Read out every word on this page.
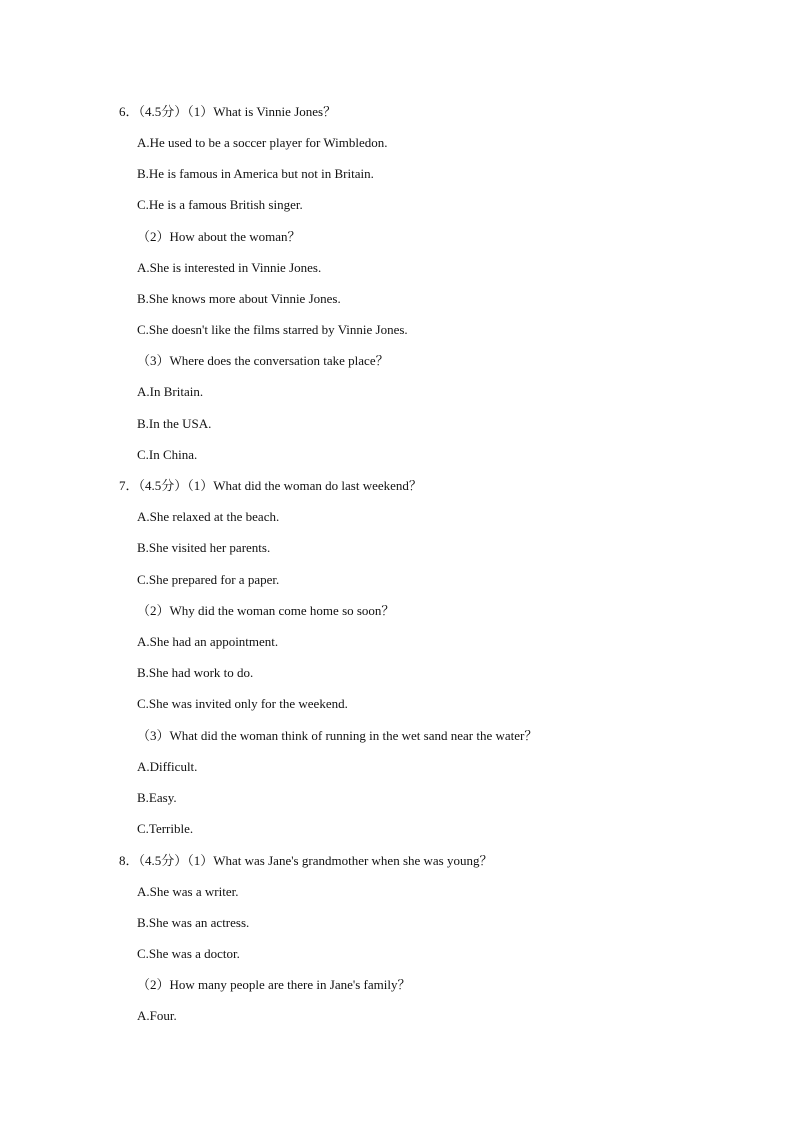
6．（4.5分）（1）What is Vinnie Jones？
A.He used to be a soccer player for Wimbledon.
B.He is famous in America but not in Britain.
C.He is a famous British singer.
（2）How about the woman？
A.She is interested in Vinnie Jones.
B.She knows more about Vinnie Jones.
C.She doesn't like the films starred by Vinnie Jones.
（3）Where does the conversation take place？
A.In Britain.
B.In the USA.
C.In China.
7．（4.5分）（1）What did the woman do last weekend？
A.She relaxed at the beach.
B.She visited her parents.
C.She prepared for a paper.
（2）Why did the woman come home so soon？
A.She had an appointment.
B.She had work to do.
C.She was invited only for the weekend.
（3）What did the woman think of running in the wet sand near the water？
A.Difficult.
B.Easy.
C.Terrible.
8．（4.5分）（1）What was Jane's grandmother when she was young？
A.She was a writer.
B.She was an actress.
C.She was a doctor.
（2）How many people are there in Jane's family？
A.Four.
